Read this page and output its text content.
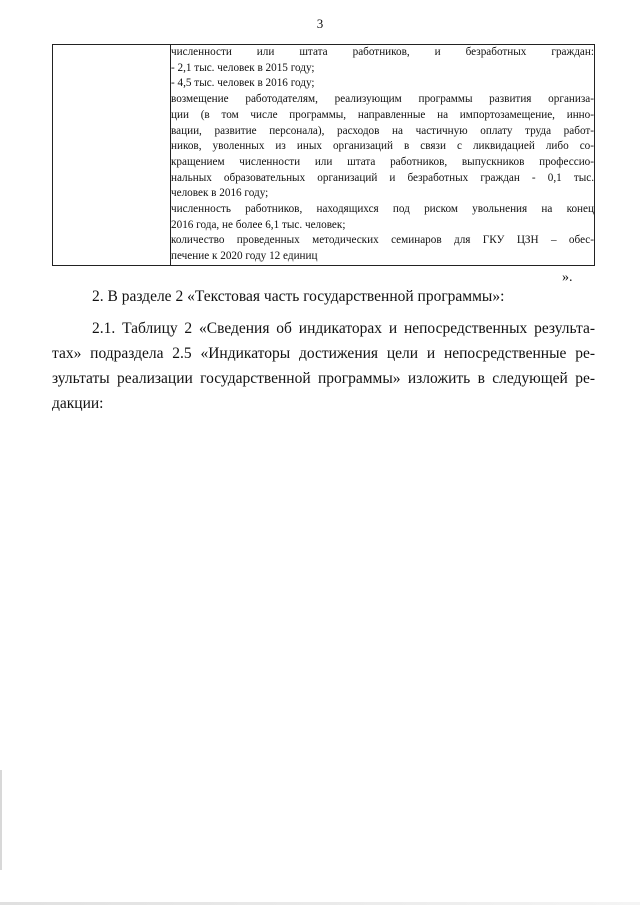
3

численности или штата работников, и безработных граждан:
- 2,1 тыс. человек в 2015 году;
- 4,5 тыс. человек в 2016 году;
возмещение работодателям, реализующим программы развития организа-
ции (в том числе программы, направленные на импортозамещение, инно-
вации, развитие персонала), расходов на частичную оплату труда работ-
ников, уволенных из иных организаций в связи с ликвидацией либо со-
кращением численности или штата работников, выпускников профессио-
нальных образовательных организаций и безработных граждан - 0,1 тыс.
человек в 2016 году;
численность работников, находящихся под риском увольнения на конец
2016 года, не более 6,1 тыс. человек;
количество проведенных методических семинаров для ГКУ ЦЗН – обес-
печение к 2020 году 12 единиц
».
2. В разделе 2 «Текстовая часть государственной программы»:
2.1. Таблицу 2 «Сведения об индикаторах и непосредственных результа-
тах» подраздела 2.5 «Индикаторы достижения цели и непосредственные ре-
зультаты реализации государственной программы» изложить в следующей ре-
дакции:
